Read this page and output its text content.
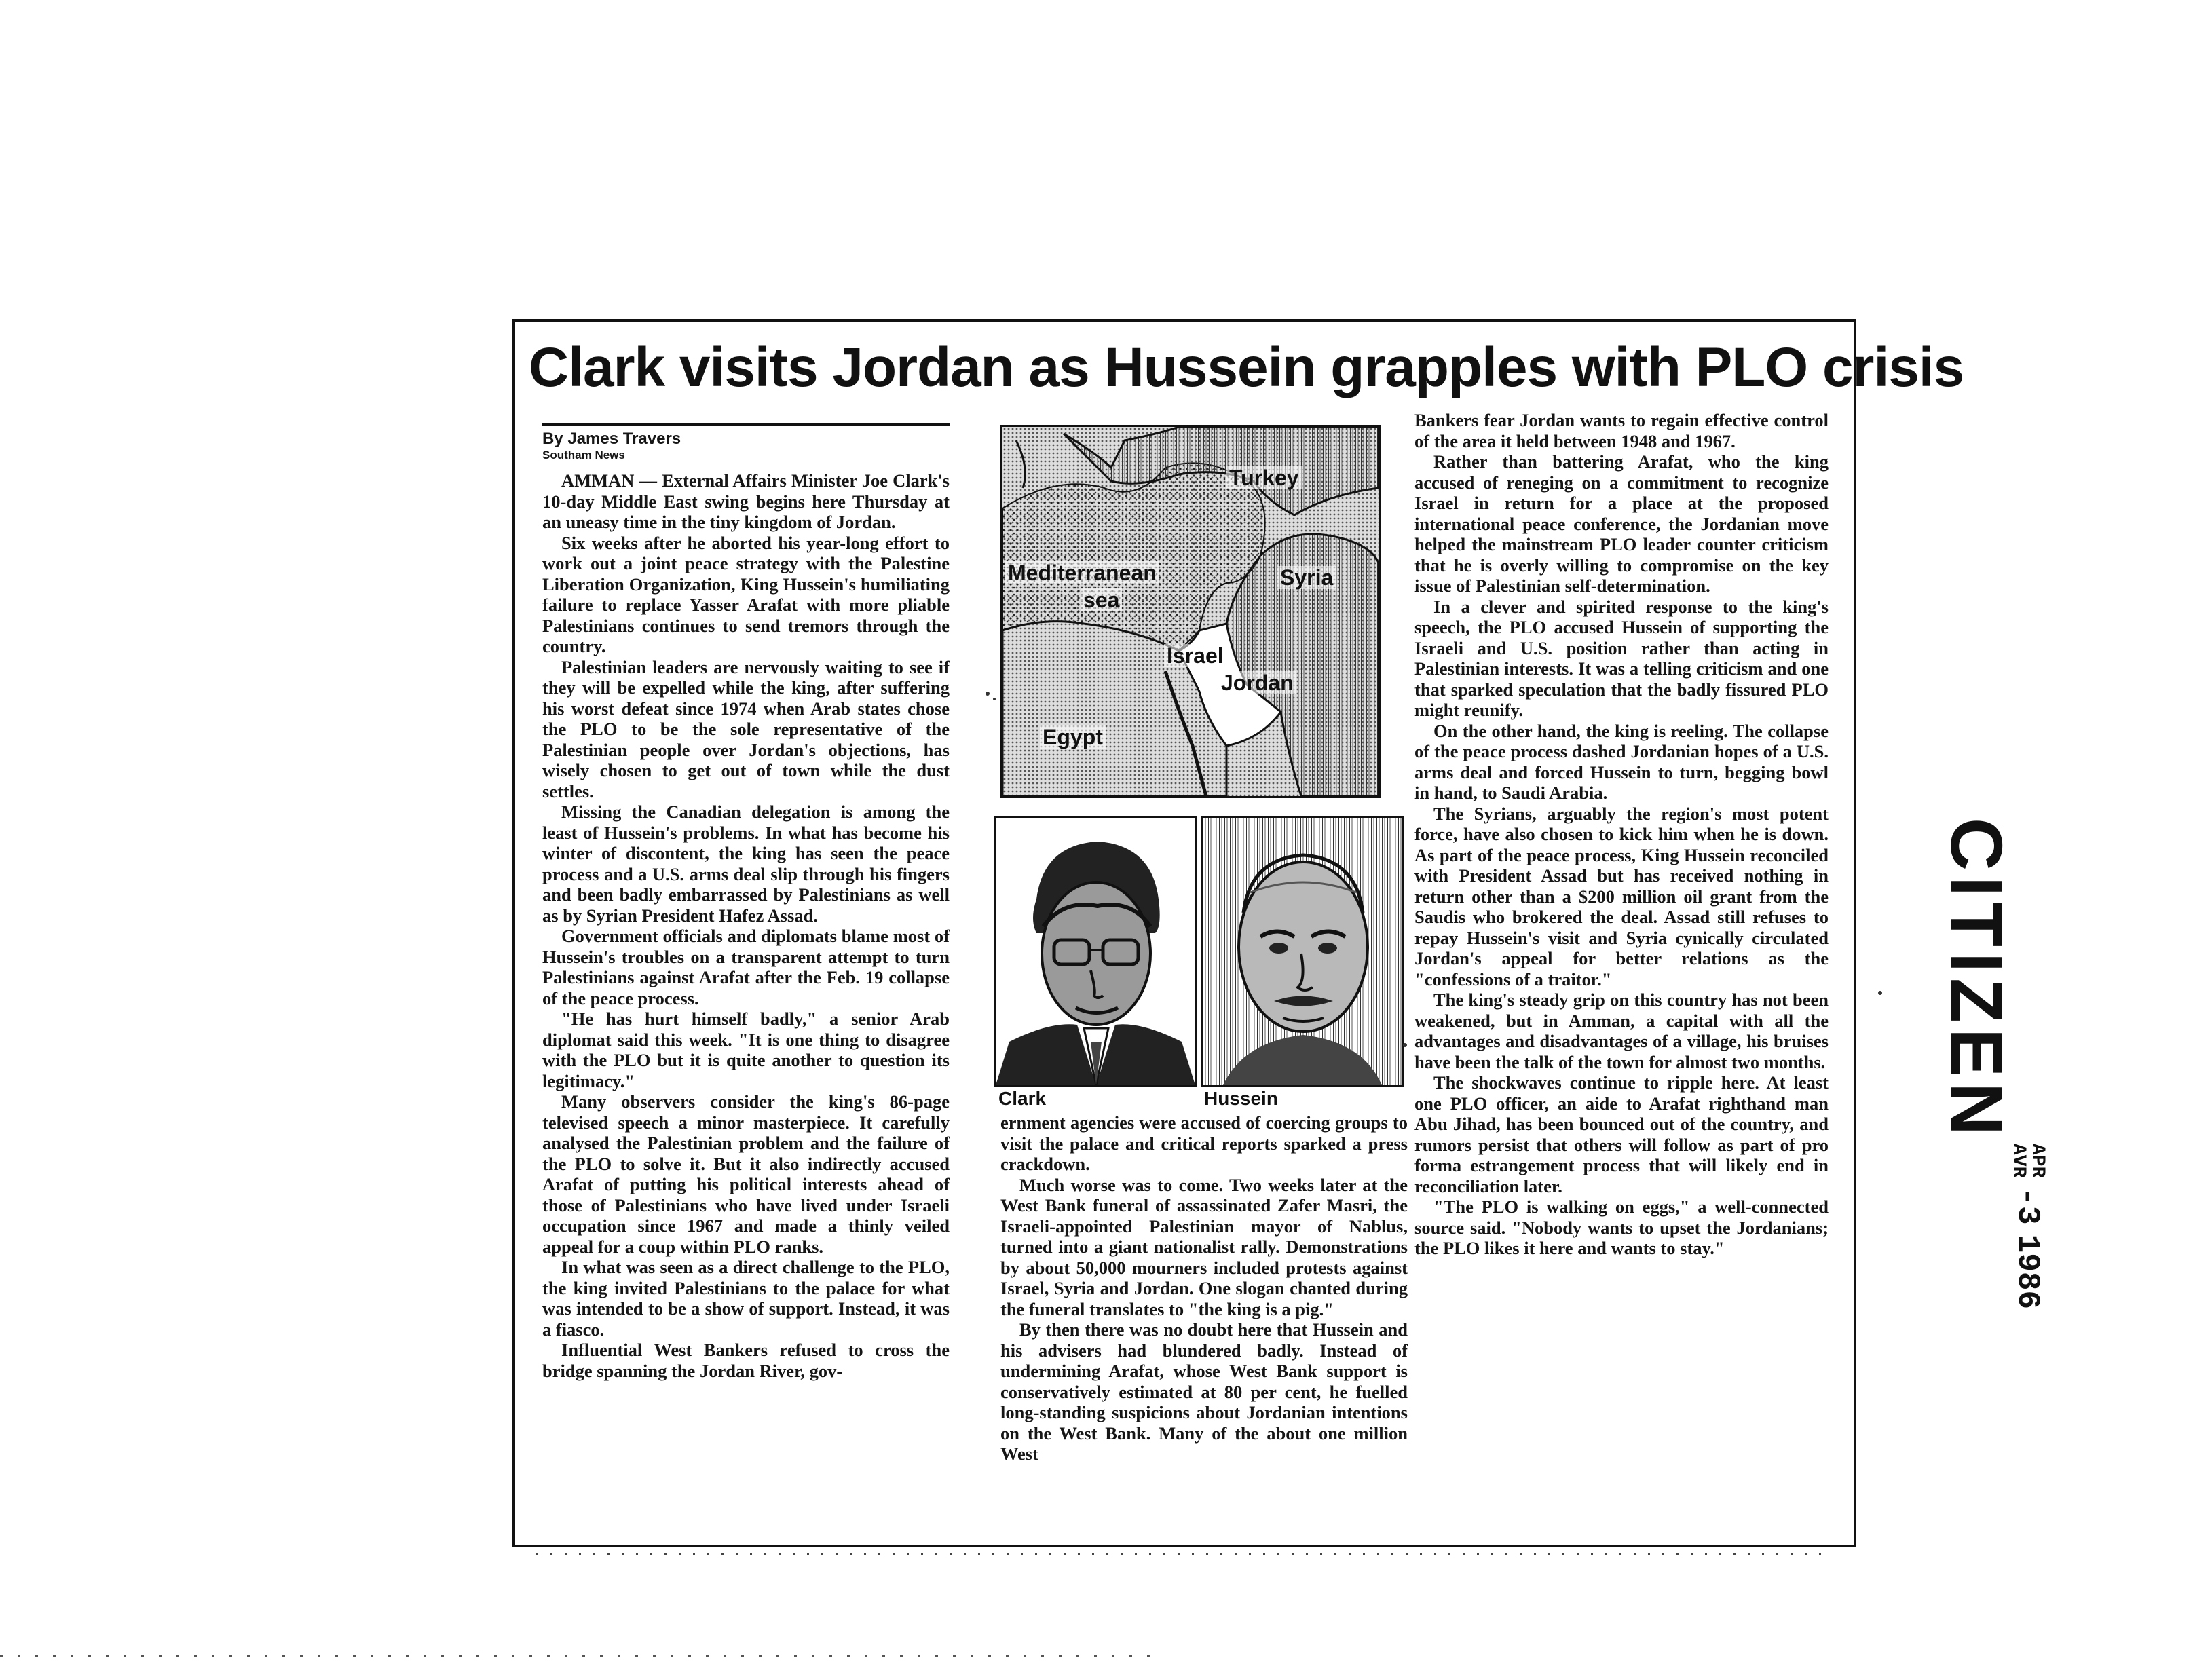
Clark visits Jordan as Hussein grapples with PLO crisis
By James Travers
Southam News

AMMAN — External Affairs Minister Joe Clark's 10-day Middle East swing begins here Thursday at an uneasy time in the tiny kingdom of Jordan.

Six weeks after he aborted his year-long effort to work out a joint peace strategy with the Palestine Liberation Organization, King Hussein's humiliating failure to replace Yasser Arafat with more pliable Palestinians continues to send tremors through the country.

Palestinian leaders are nervously waiting to see if they will be expelled while the king, after suffering his worst defeat since 1974 when Arab states chose the PLO to be the sole representative of the Palestinian people over Jordan's objections, has wisely chosen to get out of town while the dust settles.

Missing the Canadian delegation is among the least of Hussein's problems. In what has become his winter of discontent, the king has seen the peace process and a U.S. arms deal slip through his fingers and been badly embarrassed by Palestinians as well as by Syrian President Hafez Assad.

Government officials and diplomats blame most of Hussein's troubles on a transparent attempt to turn Palestinians against Arafat after the Feb. 19 collapse of the peace process.

"He has hurt himself badly," a senior Arab diplomat said this week. "It is one thing to disagree with the PLO but it is quite another to question its legitimacy."

Many observers consider the king's 86-page televised speech a minor masterpiece. It carefully analysed the Palestinian problem and the failure of the PLO to solve it. But it also indirectly accused Arafat of putting his political interests ahead of those of Palestinians who have lived under Israeli occupation since 1967 and made a thinly veiled appeal for a coup within PLO ranks.

In what was seen as a direct challenge to the PLO, the king invited Palestinians to the palace for what was intended to be a show of support. Instead, it was a fiasco.

Influential West Bankers refused to cross the bridge spanning the Jordan River, gov-

Turkey
Mediterranean
sea
Syria
Israel
Jordan
Egypt
Clark	Hussein

ernment agencies were accused of coercing groups to visit the palace and critical reports sparked a press crackdown.

Much worse was to come. Two weeks later at the West Bank funeral of assassinated Zafer Masri, the Israeli-appointed Palestinian mayor of Nablus, turned into a giant nationalist rally. Demonstrations by about 50,000 mourners included protests against Israel, Syria and Jordan. One slogan chanted during the funeral translates to "the king is a pig."

By then there was no doubt here that Hussein and his advisers had blundered badly. Instead of undermining Arafat, whose West Bank support is conservatively estimated at 80 per cent, he fuelled long-standing suspicions about Jordanian intentions on the West Bank. Many of the about one million West

Bankers fear Jordan wants to regain effective control of the area it held between 1948 and 1967.

Rather than battering Arafat, who the king accused of reneging on a commitment to recognize Israel in return for a place at the proposed international peace conference, the Jordanian move helped the mainstream PLO leader counter criticism that he is overly willing to compromise on the key issue of Palestinian self-determination.

In a clever and spirited response to the king's speech, the PLO accused Hussein of supporting the Israeli and U.S. position rather than acting in Palestinian interests. It was a telling criticism and one that sparked speculation that the badly fissured PLO might reunify.

On the other hand, the king is reeling. The collapse of the peace process dashed Jordanian hopes of a U.S. arms deal and forced Hussein to turn, begging bowl in hand, to Saudi Arabia.

The Syrians, arguably the region's most potent force, have also chosen to kick him when he is down. As part of the peace process, King Hussein reconciled with President Assad but has received nothing in return other than a $200 million oil grant from the Saudis who brokered the deal. Assad still refuses to repay Hussein's visit and Syria cynically circulated Jordan's appeal for better relations as the "confessions of a traitor."

The king's steady grip on this country has not been weakened, but in Amman, a capital with all the advantages and disadvantages of a village, his bruises have been the talk of the town for almost two months.

The shockwaves continue to ripple here. At least one PLO officer, an aide to Arafat righthand man Abu Jihad, has been bounced out of the country, and rumors persist that others will follow as part of pro forma estrangement process that will likely end in reconciliation later.

"The PLO is walking on eggs," a well-connected source said. "Nobody wants to upset the Jordanians; the PLO likes it here and wants to stay."

CITIZEN
APR
AVR
-3
1986
